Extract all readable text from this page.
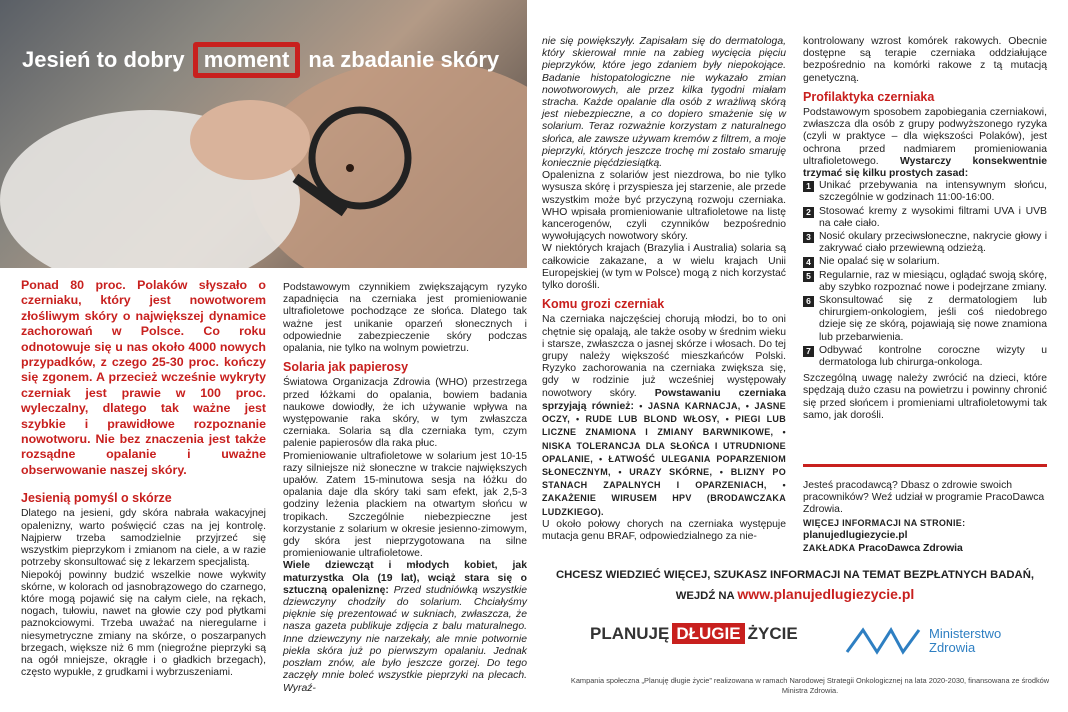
Jesień to dobry moment na zbadanie skóry

Ponad 80 proc. Polaków słyszało o czerniaku, który jest nowotworem złośliwym skóry o największej dynamice zachorowań w Polsce. Co roku odnotowuje się u nas około 4000 nowych przypadków, z czego 25-30 proc. kończy się zgonem. A przecież wcześnie wykryty czerniak jest prawie w 100 proc. wyleczalny, dlatego tak ważne jest szybkie i prawidłowe rozpoznanie nowotworu. Nie bez znaczenia jest także rozsądne opalanie i uważne obserwowanie naszej skóry.

Jesienią pomyśl o skórze

Dlatego na jesieni, gdy skóra nabrała wakacyjnej opalenizny, warto poświęcić czas na jej kontrolę. Najpierw trzeba samodzielnie przyjrzeć się wszystkim pieprzykom i zmianom na ciele, a w razie potrzeby skonsultować się z lekarzem specjalistą.

Niepokój powinny budzić wszelkie nowe wykwity skórne, w kolorach od jasnobrązowego do czarnego, które mogą pojawić się na całym ciele, na rękach, nogach, tułowiu, nawet na głowie czy pod płytkami paznokciowymi. Trzeba uważać na nieregularne i niesymetryczne zmiany na skórze, o poszarpanych brzegach, większe niż 6 mm (niegroźne pieprzyki są na ogół mniejsze, okrągłe i o gładkich brzegach), często wypukłe, z grudkami i wybrzuszeniami.

Podstawowym czynnikiem zwiększającym ryzyko zapadnięcia na czerniaka jest promieniowanie ultrafioletowe pochodzące ze słońca. Dlatego tak ważne jest unikanie oparzeń słonecznych i odpowiednie zabezpieczenie skóry podczas opalania, nie tylko na wolnym powietrzu.

Solaria jak papierosy

Światowa Organizacja Zdrowia (WHO) przestrzega przed łóżkami do opalania, bowiem badania naukowe dowiodły, że ich używanie wpływa na występowanie raka skóry, w tym zwłaszcza czerniaka. Solaria są dla czerniaka tym, czym palenie papierosów dla raka płuc.

Promieniowanie ultrafioletowe w solarium jest 10-15 razy silniejsze niż słoneczne w trakcie największych upałów. Zatem 15-minutowa sesja na łóżku do opalania daje dla skóry taki sam efekt, jak 2,5-3 godziny leżenia plackiem na otwartym słońcu w tropikach. Szczególnie niebezpieczne jest korzystanie z solarium w okresie jesienno-zimowym, gdy skóra jest nieprzygotowana na silne promieniowanie ultrafioletowe.

Wiele dziewcząt i młodych kobiet, jak maturzystka Ola (19 lat), wciąż stara się o sztuczną opaleniznę: Przed studniówką wszystkie dziewczyny chodziły do solarium. Chciałyśmy pięknie się prezentować w sukniach, zwłaszcza, że nasza gazeta publikuje zdjęcia z balu maturalnego. Inne dziewczyny nie narzekały, ale mnie potwornie piekła skóra już po pierwszym opalaniu. Jednak poszłam znów, ale było jeszcze gorzej. Do tego zaczęły mnie boleć wszystkie pieprzyki na plecach. Wyraź-

nie się powiększyły. Zapisałam się do dermatologa, który skierował mnie na zabieg wycięcia pięciu pieprzyków, które jego zdaniem były niepokojące. Badanie histopatologiczne nie wykazało zmian nowotworowych, ale przez kilka tygodni miałam stracha. Każde opalanie dla osób z wrażliwą skórą jest niebezpieczne, a co dopiero smażenie się w solarium. Teraz rozważnie korzystam z naturalnego słońca, ale zawsze używam kremów z filtrem, a moje pieprzyki, których jeszcze trochę mi zostało smaruję koniecznie pięćdziesiątką.

Opalenizna z solariów jest niezdrowa, bo nie tylko wysusza skórę i przyspiesza jej starzenie, ale przede wszystkim może być przyczyną rozwoju czerniaka. WHO wpisała promieniowanie ultrafioletowe na listę kancerogenów, czyli czynników bezpośrednio wywołujących nowotwory skóry.

W niektórych krajach (Brazylia i Australia) solaria są całkowicie zakazane, a w wielu krajach Unii Europejskiej (w tym w Polsce) mogą z nich korzystać tylko dorośli.

Komu grozi czerniak

Na czerniaka najczęściej chorują młodzi, bo to oni chętnie się opalają, ale także osoby w średnim wieku i starsze, zwłaszcza o jasnej skórze i włosach. Do tej grupy należy większość mieszkańców Polski. Ryzyko zachorowania na czerniaka zwiększa się, gdy w rodzinie już wcześniej występowały nowotwory skóry. Powstawaniu czerniaka sprzyjają również: • JASNA KARNACJA, • JASNE OCZY, • RUDE LUB BLOND WŁOSY, • PIEGI LUB LICZNE ZNAMIONA I ZMIANY BARWNIKOWE, • NISKA TOLERANCJA DLA SŁOŃCA I UTRUDNIONE OPALANIE, • ŁATWOŚĆ ULEGANIA POPARZENIOM SŁONECZNYM, • URAZY SKÓRNE, • BLIZNY PO STANACH ZAPALNYCH I OPARZENIACH, • ZAKAŻENIE WIRUSEM HPV (BRODAWCZAKA LUDZKIEGO).

U około połowy chorych na czerniaka występuje mutacja genu BRAF, odpowiedzialnego za nie-

kontrolowany wzrost komórek rakowych. Obecnie dostępne są terapie czerniaka oddziałujące bezpośrednio na komórki rakowe z tą mutacją genetyczną.

Profilaktyka czerniaka

Podstawowym sposobem zapobiegania czerniakowi, zwłaszcza dla osób z grupy podwyższonego ryzyka (czyli w praktyce – dla większości Polaków), jest ochrona przed nadmiarem promieniowania ultrafioletowego. Wystarczy konsekwentnie trzymać się kilku prostych zasad:

1 Unikać przebywania na intensywnym słońcu, szczególnie w godzinach 11:00-16:00.
2 Stosować kremy z wysokimi filtrami UVA i UVB na całe ciało.
3 Nosić okulary przeciwsłoneczne, nakrycie głowy i zakrywać ciało przewiewną odzieżą.
4 Nie opalać się w solarium.
5 Regularnie, raz w miesiącu, oglądać swoją skórę, aby szybko rozpoznać nowe i podejrzane zmiany.
6 Skonsultować się z dermatologiem lub chirurgiem-onkologiem, jeśli coś niedobrego dzieje się ze skórą, pojawiają się nowe znamiona lub przebarwienia.
7 Odbywać kontrolne coroczne wizyty u dermatologa lub chirurga-onkologa.

Szczególną uwagę należy zwrócić na dzieci, które spędzają dużo czasu na powietrzu i powinny chronić się przed słońcem i promieniami ultrafioletowymi tak samo, jak dorośli.

Jesteś pracodawcą? Dbasz o zdrowie swoich pracowników? Weź udział w programie PracoDawca Zdrowia.

WIĘCEJ INFORMACJI NA STRONIE: planujedlugiezycie.pl

ZAKŁADKA PracoDawca Zdrowia

CHCESZ WIEDZIEĆ WIĘCEJ, SZUKASZ INFORMACJI NA TEMAT BEZPŁATNYCH BADAŃ,
WEJDŹ NA www.planujedlugiezycie.pl
PLANUJĘ DŁUGIE ŻYCIE	Ministerstwo
Zdrowia
Kampania społeczna „Planuję długie życie” realizowana w ramach Narodowej Strategii Onkologicznej na lata 2020-2030, finansowana ze środków Ministra Zdrowia.
